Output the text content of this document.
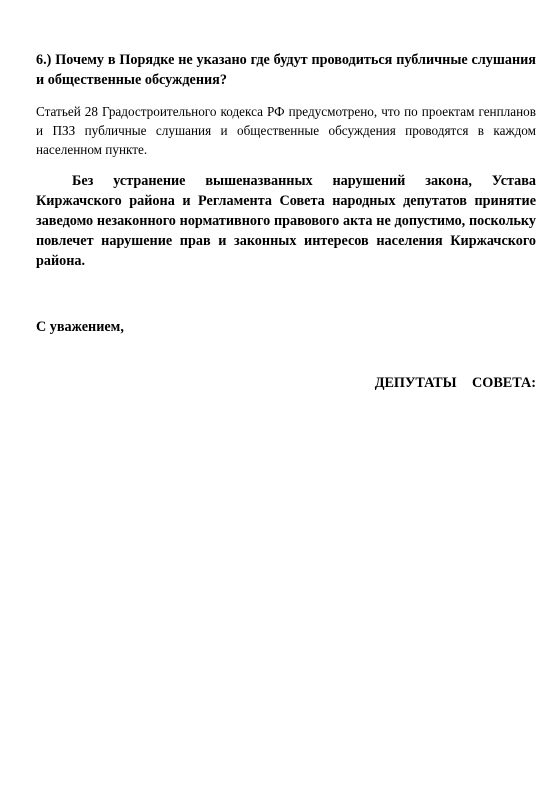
6.) Почему в Порядке не указано где будут проводиться публичные слушания и общественные обсуждения?

Статьей 28 Градостроительного кодекса РФ предусмотрено, что по проектам генпланов и ПЗЗ публичные слушания и общественные обсуждения проводятся в каждом населенном пункте.

Без устранение вышеназванных нарушений закона, Устава Киржачского района и Регламента Совета народных депутатов принятие заведомо незаконного нормативного правового акта не допустимо, поскольку повлечет нарушение прав и законных интересов населения Киржачского района.

С уважением,

ДЕПУТАТЫ СОВЕТА:
